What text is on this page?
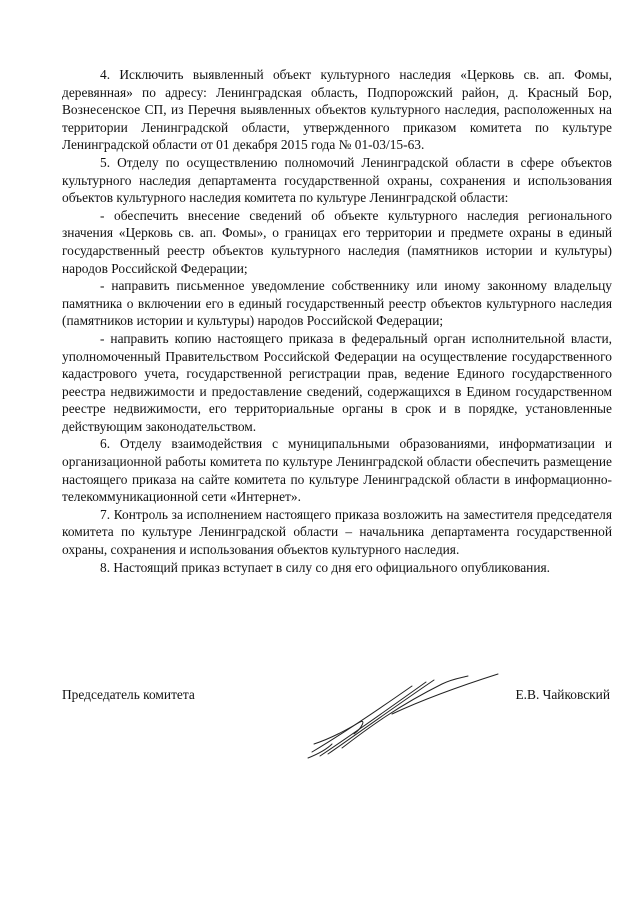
4. Исключить выявленный объект культурного наследия «Церковь св. ап. Фомы, деревянная» по адресу: Ленинградская область, Подпорожский район, д. Красный Бор, Вознесенское СП, из Перечня выявленных объектов культурного наследия, расположенных на территории Ленинградской области, утвержденного приказом комитета по культуре Ленинградской области от 01 декабря 2015 года № 01-03/15-63.

5. Отделу по осуществлению полномочий Ленинградской области в сфере объектов культурного наследия департамента государственной охраны, сохранения и использования объектов культурного наследия комитета по культуре Ленинградской области:

- обеспечить внесение сведений об объекте культурного наследия регионального значения «Церковь св. ап. Фомы», о границах его территории и предмете охраны в единый государственный реестр объектов культурного наследия (памятников истории и культуры) народов Российской Федерации;

- направить письменное уведомление собственнику или иному законному владельцу памятника о включении его в единый государственный реестр объектов культурного наследия (памятников истории и культуры) народов Российской Федерации;

- направить копию настоящего приказа в федеральный орган исполнительной власти, уполномоченный Правительством Российской Федерации на осуществление государственного кадастрового учета, государственной регистрации прав, ведение Единого государственного реестра недвижимости и предоставление сведений, содержащихся в Едином государственном реестре недвижимости, его территориальные органы в срок и в порядке, установленные действующим законодательством.

6. Отделу взаимодействия с муниципальными образованиями, информатизации и организационной работы комитета по культуре Ленинградской области обеспечить размещение настоящего приказа на сайте комитета по культуре Ленинградской области в информационно-телекоммуникационной сети «Интернет».

7. Контроль за исполнением настоящего приказа возложить на заместителя председателя комитета по культуре Ленинградской области – начальника департамента государственной охраны, сохранения и использования объектов культурного наследия.

8. Настоящий приказ вступает в силу со дня его официального опубликования.

Председатель комитета	Е.В. Чайковский
